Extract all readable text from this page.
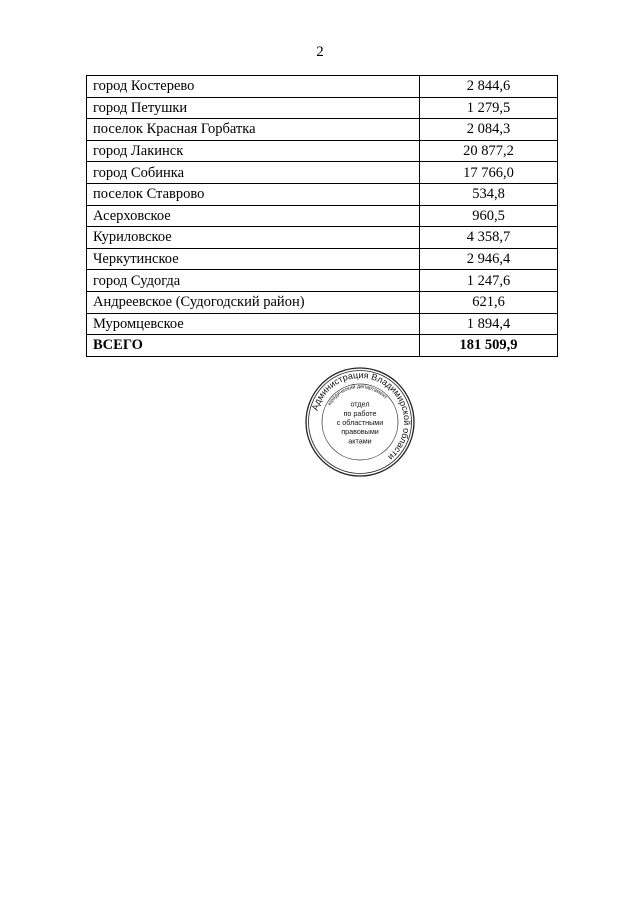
2
город Костерево	2 844,6
город Петушки	1 279,5
поселок Красная Горбатка	2 084,3
город Лакинск	20 877,2
город Собинка	17 766,0
поселок Ставрово	534,8
Асерховское	960,5
Куриловское	4 358,7
Черкутинское	2 946,4
город Судогда	1 247,6
Андреевское (Судогодский район)	621,6
Муромцевское	1 894,4
ВСЕГО	181 509,9
Администрация Владимирской области
юридический департамент
отдел
по работе
с областными
правовыми
актами
